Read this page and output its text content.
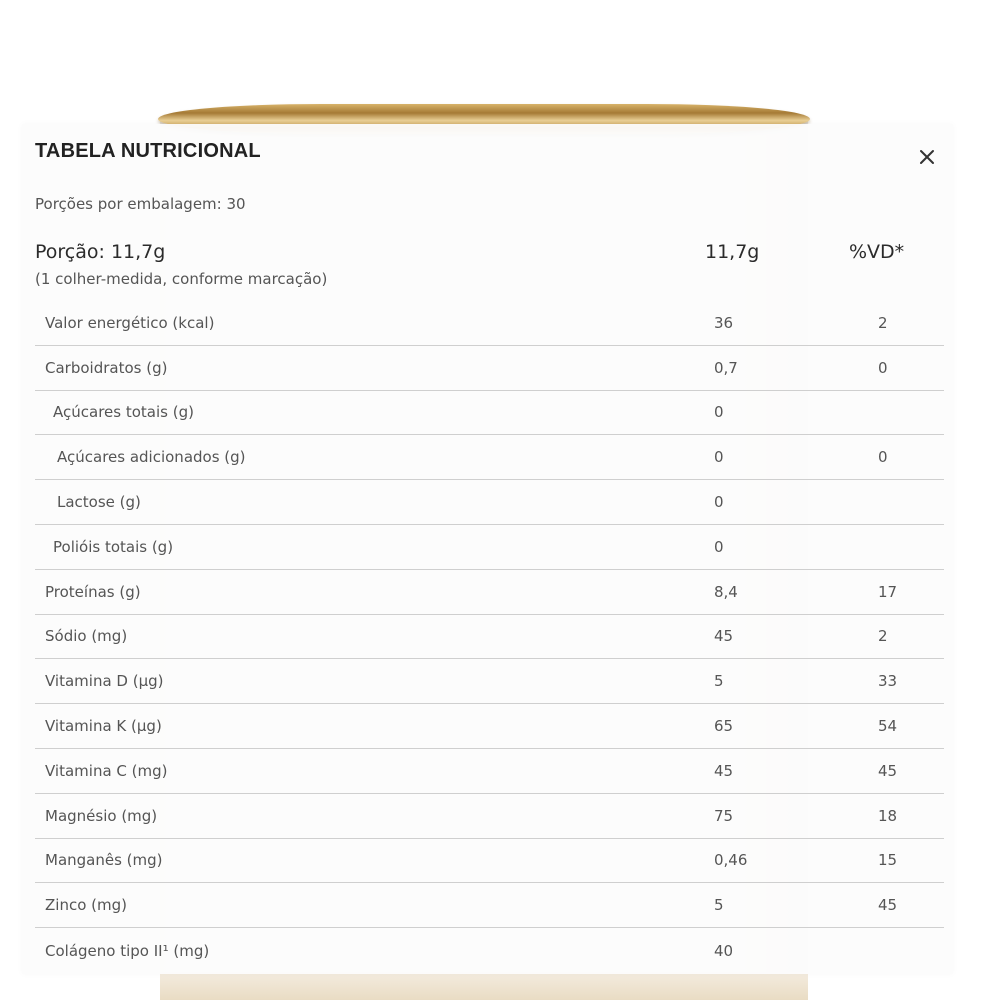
TABELA NUTRICIONAL
Porções por embalagem: 30
Porção: 11,7g
(1 colher-medida, conforme marcação)
11,7g	%VD*
Valor energético (kcal)	36	2
Carboidratos (g)	0,7	0
Açúcares totais (g)	0
Açúcares adicionados (g)	0	0
Lactose (g)	0
Polióis totais (g)	0
Proteínas (g)	8,4	17
Sódio (mg)	45	2
Vitamina D (µg)	5	33
Vitamina K (µg)	65	54
Vitamina C (mg)	45	45
Magnésio (mg)	75	18
Manganês (mg)	0,46	15
Zinco (mg)	5	45
Colágeno tipo II¹ (mg)	40
